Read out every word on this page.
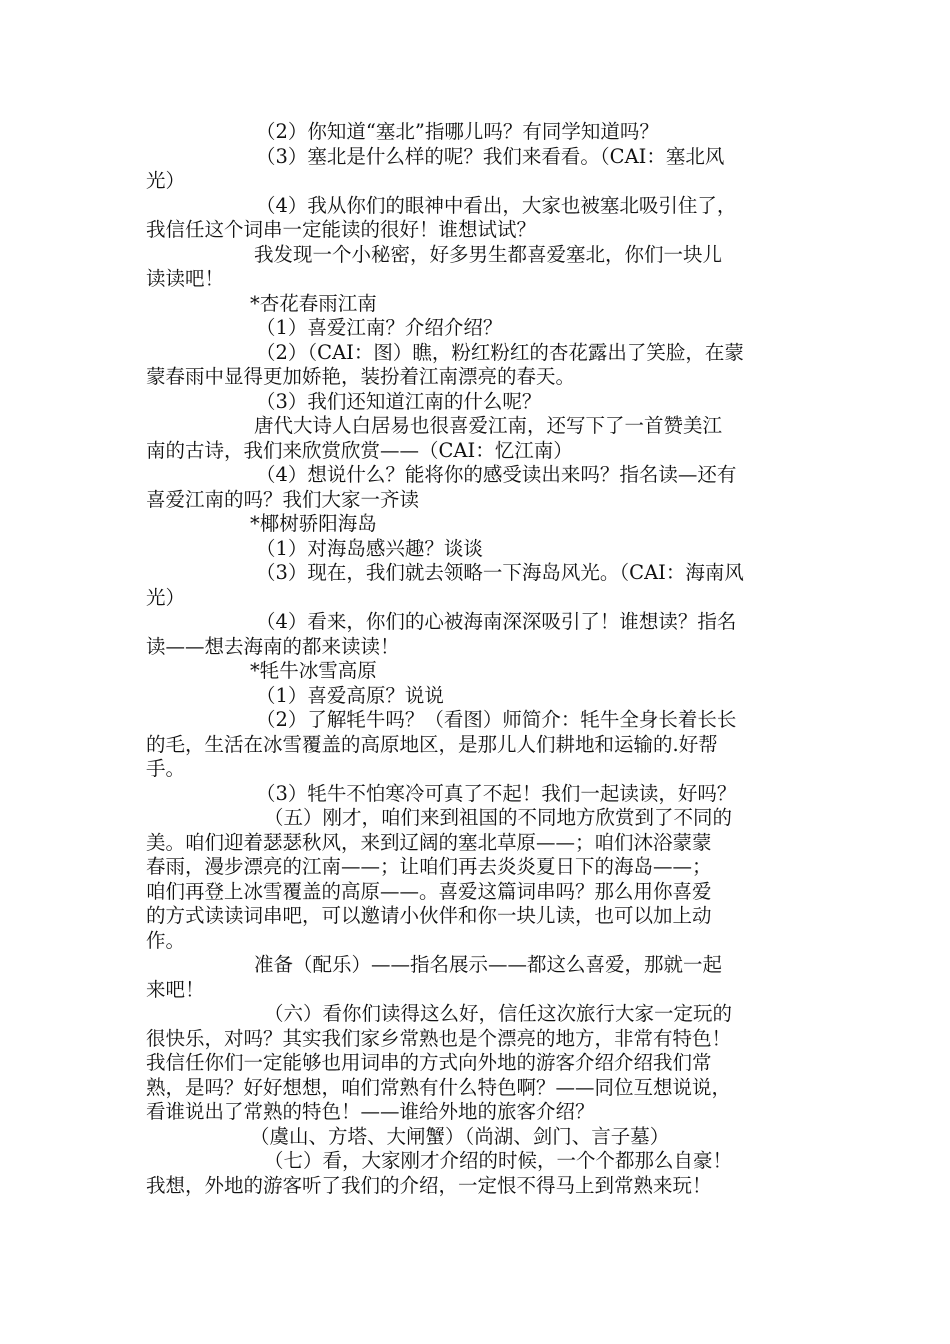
（2）你知道“塞北”指哪儿吗？有同学知道吗？
（3）塞北是什么样的呢？我们来看看。（CAI：塞北风
光）
（4）我从你们的眼神中看出，大家也被塞北吸引住了，
我信任这个词串一定能读的很好！谁想试试？
我发现一个小秘密，好多男生都喜爱塞北，你们一块儿
读读吧！
*杏花春雨江南
（1）喜爱江南？介绍介绍？
（2）（CAI：图）瞧，粉红粉红的杏花露出了笑脸，在蒙
蒙春雨中显得更加娇艳，装扮着江南漂亮的春天。
（3）我们还知道江南的什么呢？
唐代大诗人白居易也很喜爱江南，还写下了一首赞美江
南的古诗，我们来欣赏欣赏——（CAI：忆江南）
（4）想说什么？能将你的感受读出来吗？指名读—还有
喜爱江南的吗？我们大家一齐读
*椰树骄阳海岛
（1）对海岛感兴趣？谈谈
（3）现在，我们就去领略一下海岛风光。（CAI：海南风
光）
（4）看来，你们的心被海南深深吸引了！谁想读？指名
读——想去海南的都来读读！
*牦牛冰雪高原
（1）喜爱高原？说说
（2）了解牦牛吗？（看图）师简介：牦牛全身长着长长
的毛，生活在冰雪覆盖的高原地区，是那儿人们耕地和运输的.好帮
手。
（3）牦牛不怕寒冷可真了不起！我们一起读读，好吗？
（五）刚才，咱们来到祖国的不同地方欣赏到了不同的
美。咱们迎着瑟瑟秋风，来到辽阔的塞北草原——；咱们沐浴蒙蒙
春雨，漫步漂亮的江南——；让咱们再去炎炎夏日下的海岛——；
咱们再登上冰雪覆盖的高原——。喜爱这篇词串吗？那么用你喜爱
的方式读读词串吧，可以邀请小伙伴和你一块儿读，也可以加上动
作。
准备（配乐）——指名展示——都这么喜爱，那就一起
来吧！
（六）看你们读得这么好，信任这次旅行大家一定玩的
很快乐，对吗？其实我们家乡常熟也是个漂亮的地方，非常有特色！
我信任你们一定能够也用词串的方式向外地的游客介绍介绍我们常
熟，是吗？好好想想，咱们常熟有什么特色啊？——同位互想说说，
看谁说出了常熟的特色！——谁给外地的旅客介绍？
（虞山、方塔、大闸蟹）（尚湖、剑门、言子墓）
（七）看，大家刚才介绍的时候，一个个都那么自豪！
我想，外地的游客听了我们的介绍，一定恨不得马上到常熟来玩！
